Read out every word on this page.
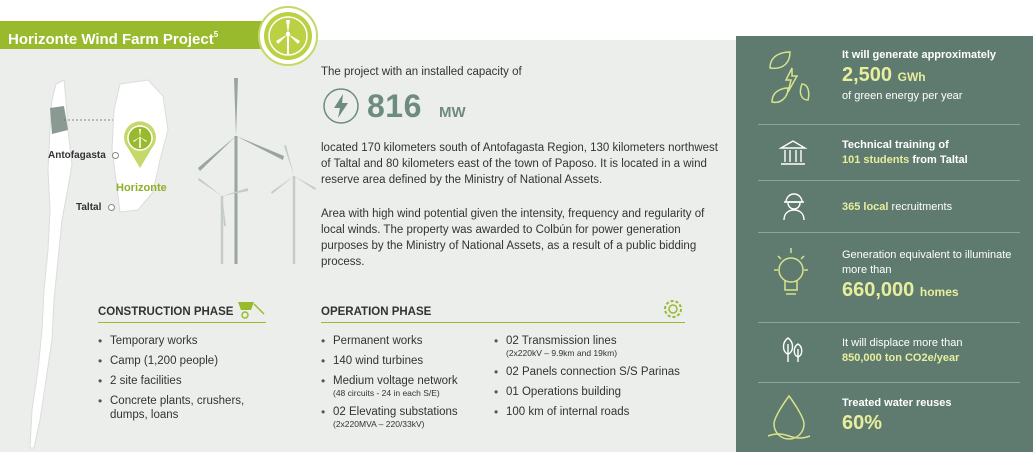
Horizonte Wind Farm Project$^5$
Antofagasta
Horizonte
Taltal
The project with an installed capacity of
816 MW
located 170 kilometers south of Antofagasta Region, 130 kilometers northwest of Taltal and 80 kilometers east of the town of Paposo. It is located in a wind reserve area defined by the Ministry of National Assets.
Area with high wind potential given the intensity, frequency and regularity of local winds. The property was awarded to Colbún for power generation purposes by the Ministry of National Assets, as a result of a public bidding process.
CONSTRUCTION PHASE
• Temporary works
• Camp (1,200 people)
• 2 site facilities
• Concrete plants, crushers, dumps, loans
OPERATION PHASE
• Permanent works
• 140 wind turbines
• Medium voltage network
(48 circuits - 24 in each S/E)
• 02 Elevating substations
(2x220MVA – 220/33kV)
• 02 Transmission lines
(2x220kV – 9.9km and 19km)
• 02 Panels connection S/S Parinas
• 01 Operations building
• 100 km of internal roads
It will generate approximately
2,500 GWh
of green energy per year
Technical training of
101 students from Taltal
365 local recruitments
Generation equivalent to illuminate more than
660,000 homes
It will displace more than
850,000 ton CO2e/year
Treated water reuses
60%
